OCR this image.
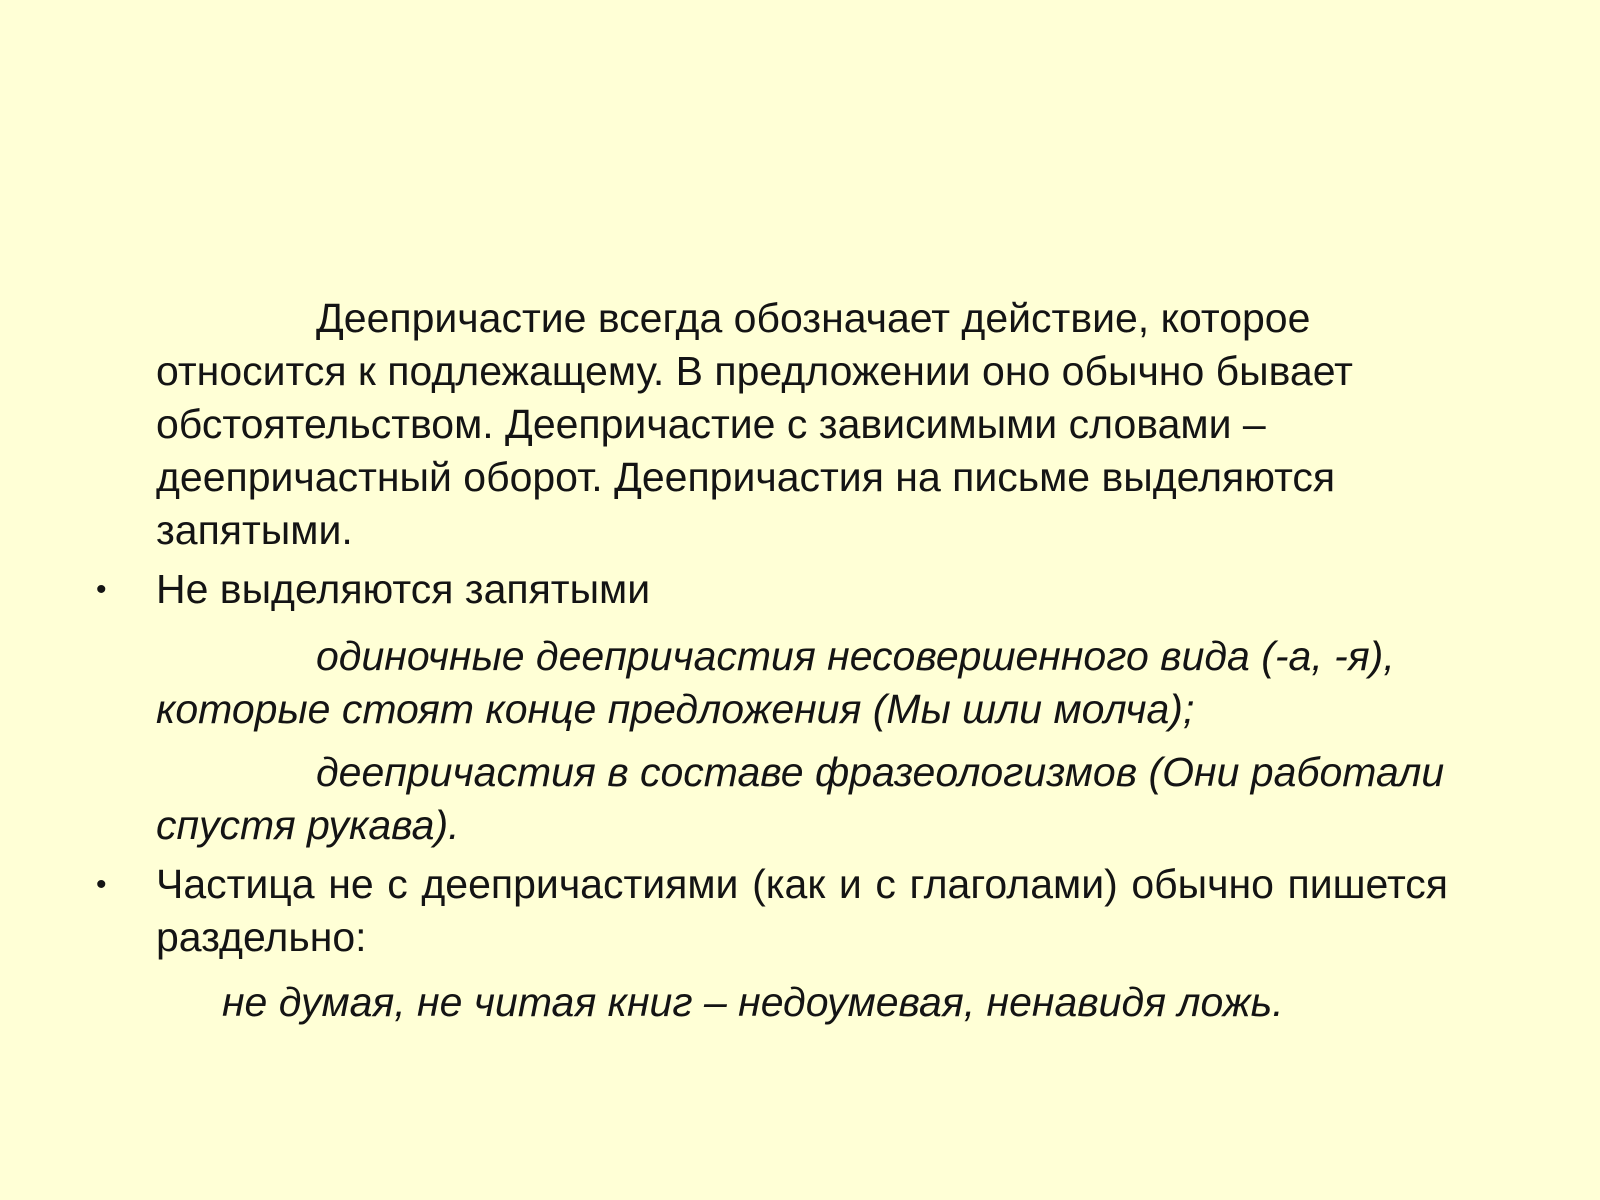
Деепричастие всегда обозначает действие, которое относится к подлежащему. В предложении оно обычно бывает обстоятельством. Деепричастие с зависимыми словами – деепричастный оборот. Деепричастия на письме выделяются запятыми.

• Не выделяются запятыми

одиночные деепричастия несовершенного вида (-а, -я), которые стоят конце предложения (Мы шли молча);

деепричастия в составе фразеологизмов (Они работали спустя рукава).

• Частица не с деепричастиями (как и с глаголами) обычно пишется раздельно:

не думая, не читая книг – недоумевая, ненавидя ложь.
